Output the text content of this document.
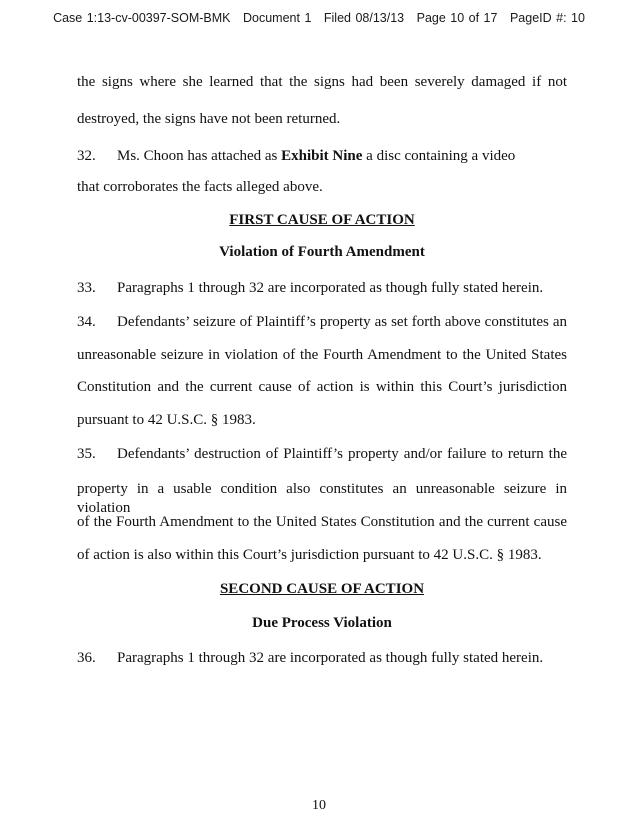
Case 1:13-cv-00397-SOM-BMK Document 1 Filed 08/13/13 Page 10 of 17 PageID #: 10
the signs where she learned that the signs had been severely damaged if not
destroyed, the signs have not been returned.
32. Ms. Choon has attached as Exhibit Nine a disc containing a video
that corroborates the facts alleged above.
FIRST CAUSE OF ACTION
Violation of Fourth Amendment
33. Paragraphs 1 through 32 are incorporated as though fully stated herein.
34. Defendants’ seizure of Plaintiff’s property as set forth above constitutes an
unreasonable seizure in violation of the Fourth Amendment to the United States
Constitution and the current cause of action is within this Court’s jurisdiction
pursuant to 42 U.S.C. § 1983.
35. Defendants’ destruction of Plaintiff’s property and/or failure to return the
property in a usable condition also constitutes an unreasonable seizure in violation
of the Fourth Amendment to the United States Constitution and the current cause
of action is also within this Court’s jurisdiction pursuant to 42 U.S.C. § 1983.
SECOND CAUSE OF ACTION
Due Process Violation
36. Paragraphs 1 through 32 are incorporated as though fully stated herein.
10
